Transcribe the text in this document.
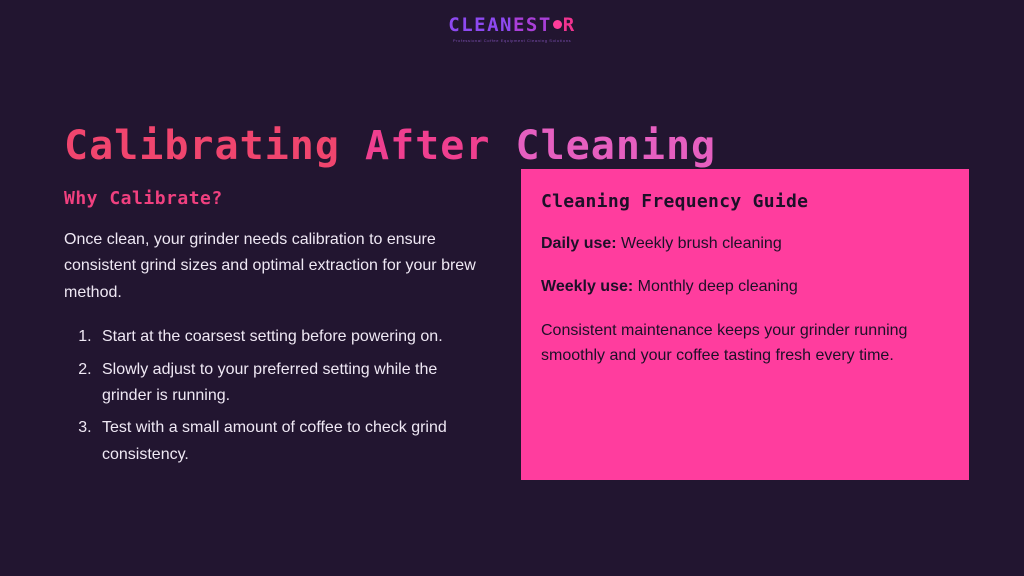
CLEANEST R
Professional Coffee Equipment Cleaning Solutions
Calibrating After Cleaning
Why Calibrate?

Once clean, your grinder needs calibration to ensure consistent grind sizes and optimal extraction for your brew method.

1. Start at the coarsest setting before powering on.
2. Slowly adjust to your preferred setting while the grinder is running.
3. Test with a small amount of coffee to check grind consistency.
Cleaning Frequency Guide

Daily use: Weekly brush cleaning

Weekly use: Monthly deep cleaning

Consistent maintenance keeps your grinder running smoothly and your coffee tasting fresh every time.
